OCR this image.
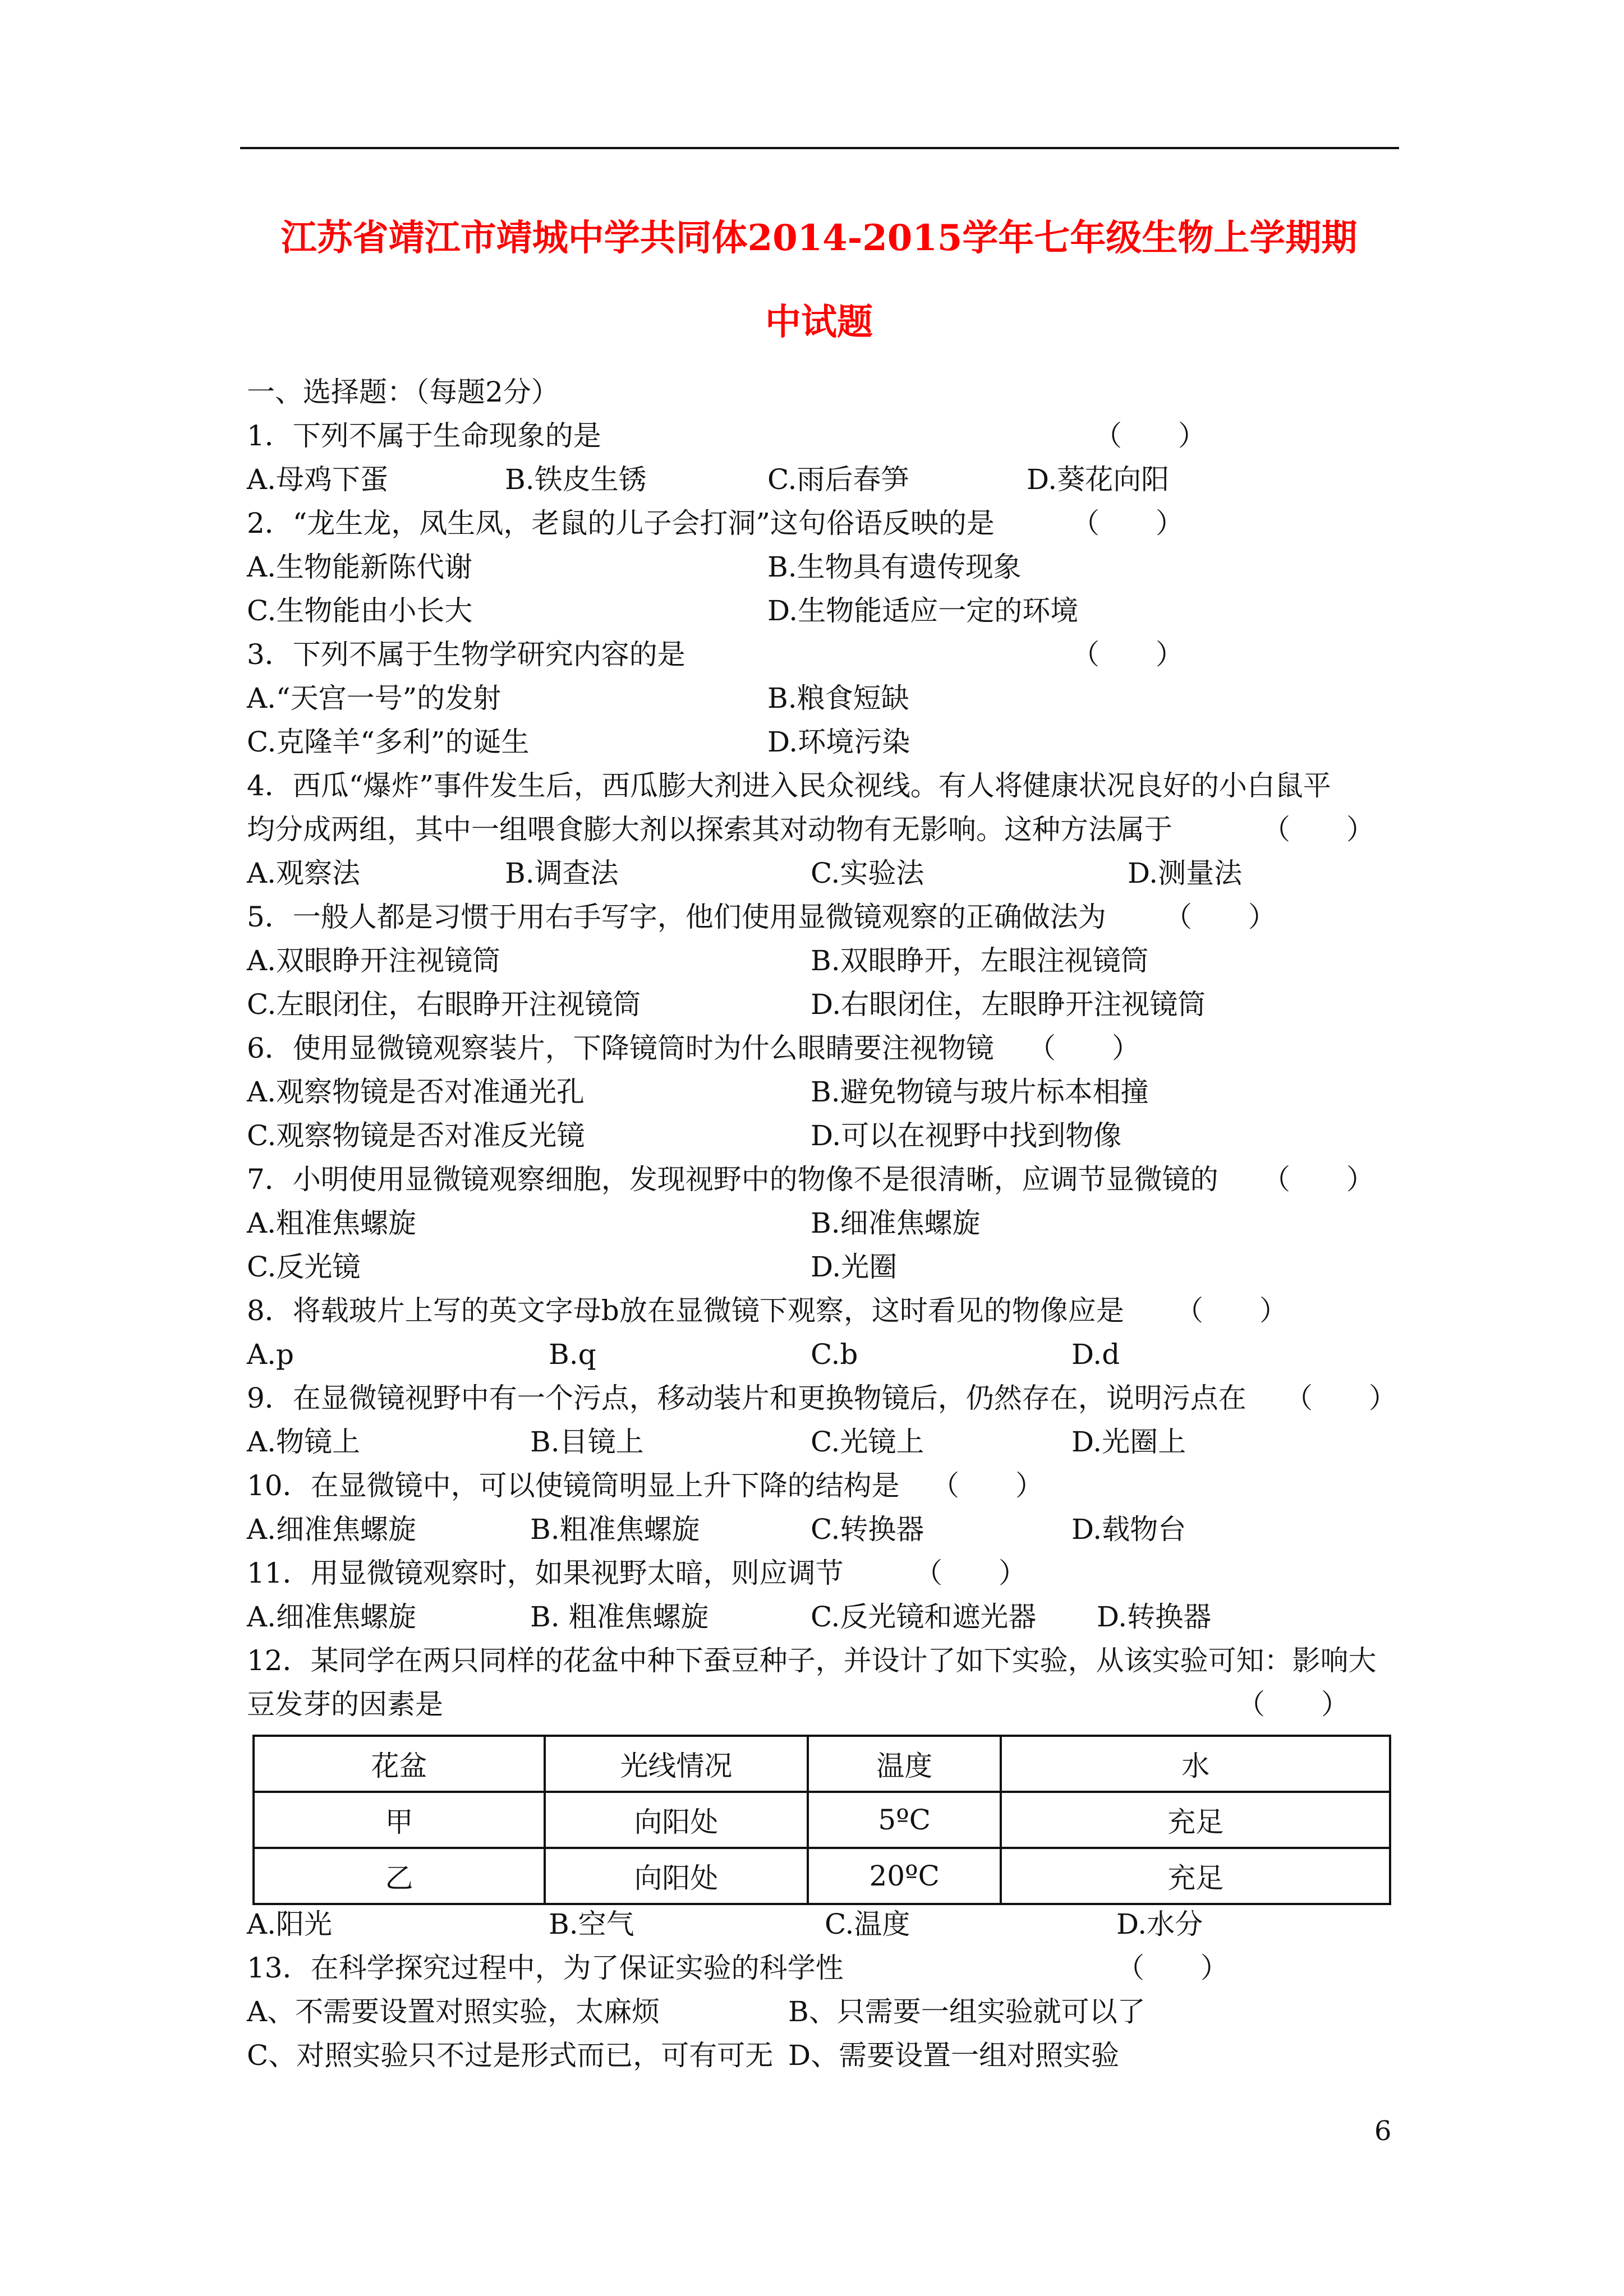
江苏省靖江市靖城中学共同体2014-2015学年七年级生物上学期期
中试题
一、选择题：（每题2分）
1．下列不属于生命现象的是	（　　）
A.母鸡下蛋	B.铁皮生锈	C.雨后春笋	D.葵花向阳
2．“龙生龙，凤生凤，老鼠的儿子会打洞”这句俗语反映的是	（　　）
A.生物能新陈代谢	B.生物具有遗传现象
C.生物能由小长大	D.生物能适应一定的环境
3．下列不属于生物学研究内容的是	（　　）
A.“天宫一号”的发射	B.粮食短缺
C.克隆羊“多利”的诞生	D.环境污染
4．西瓜“爆炸”事件发生后，西瓜膨大剂进入民众视线。有人将健康状况良好的小白鼠平
均分成两组，其中一组喂食膨大剂以探索其对动物有无影响。这种方法属于	（　　）
A.观察法	B.调查法	C.实验法	D.测量法
5．一般人都是习惯于用右手写字，他们使用显微镜观察的正确做法为 （　　）
A.双眼睁开注视镜筒	B.双眼睁开，左眼注视镜筒
C.左眼闭住，右眼睁开注视镜筒	D.右眼闭住，左眼睁开注视镜筒
6．使用显微镜观察装片，下降镜筒时为什么眼睛要注视物镜 （　　）
A.观察物镜是否对准通光孔	B.避免物镜与玻片标本相撞
C.观察物镜是否对准反光镜	D.可以在视野中找到物像
7．小明使用显微镜观察细胞，发现视野中的物像不是很清晰，应调节显微镜的 （　　）
A.粗准焦螺旋	B.细准焦螺旋
C.反光镜	D.光圈
8．将载玻片上写的英文字母b放在显微镜下观察，这时看见的物像应是 （　　）
A.p	B.q	C.b	D.d
9．在显微镜视野中有一个污点，移动装片和更换物镜后，仍然存在，说明污点在 （　　）
A.物镜上	B.目镜上	C.光镜上	D.光圈上
10．在显微镜中，可以使镜筒明显上升下降的结构是 （　　）
A.细准焦螺旋	B.粗准焦螺旋	C.转换器	D.载物台
11．用显微镜观察时，如果视野太暗，则应调节	（　　）
A.细准焦螺旋	B. 粗准焦螺旋	C.反光镜和遮光器 D.转换器
12．某同学在两只同样的花盆中种下蚕豆种子，并设计了如下实验，从该实验可知：影响大
豆发芽的因素是	（　　）
花盆	光线情况	温度	水
甲	向阳处	5ºC	充足
乙	向阳处	20ºC	充足
A.阳光	B.空气	C.温度	D.水分
13．在科学探究过程中，为了保证实验的科学性	（　　）
A、不需要设置对照实验，太麻烦	B、只需要一组实验就可以了
C、对照实验只不过是形式而已，可有可无 D、需要设置一组对照实验
6
